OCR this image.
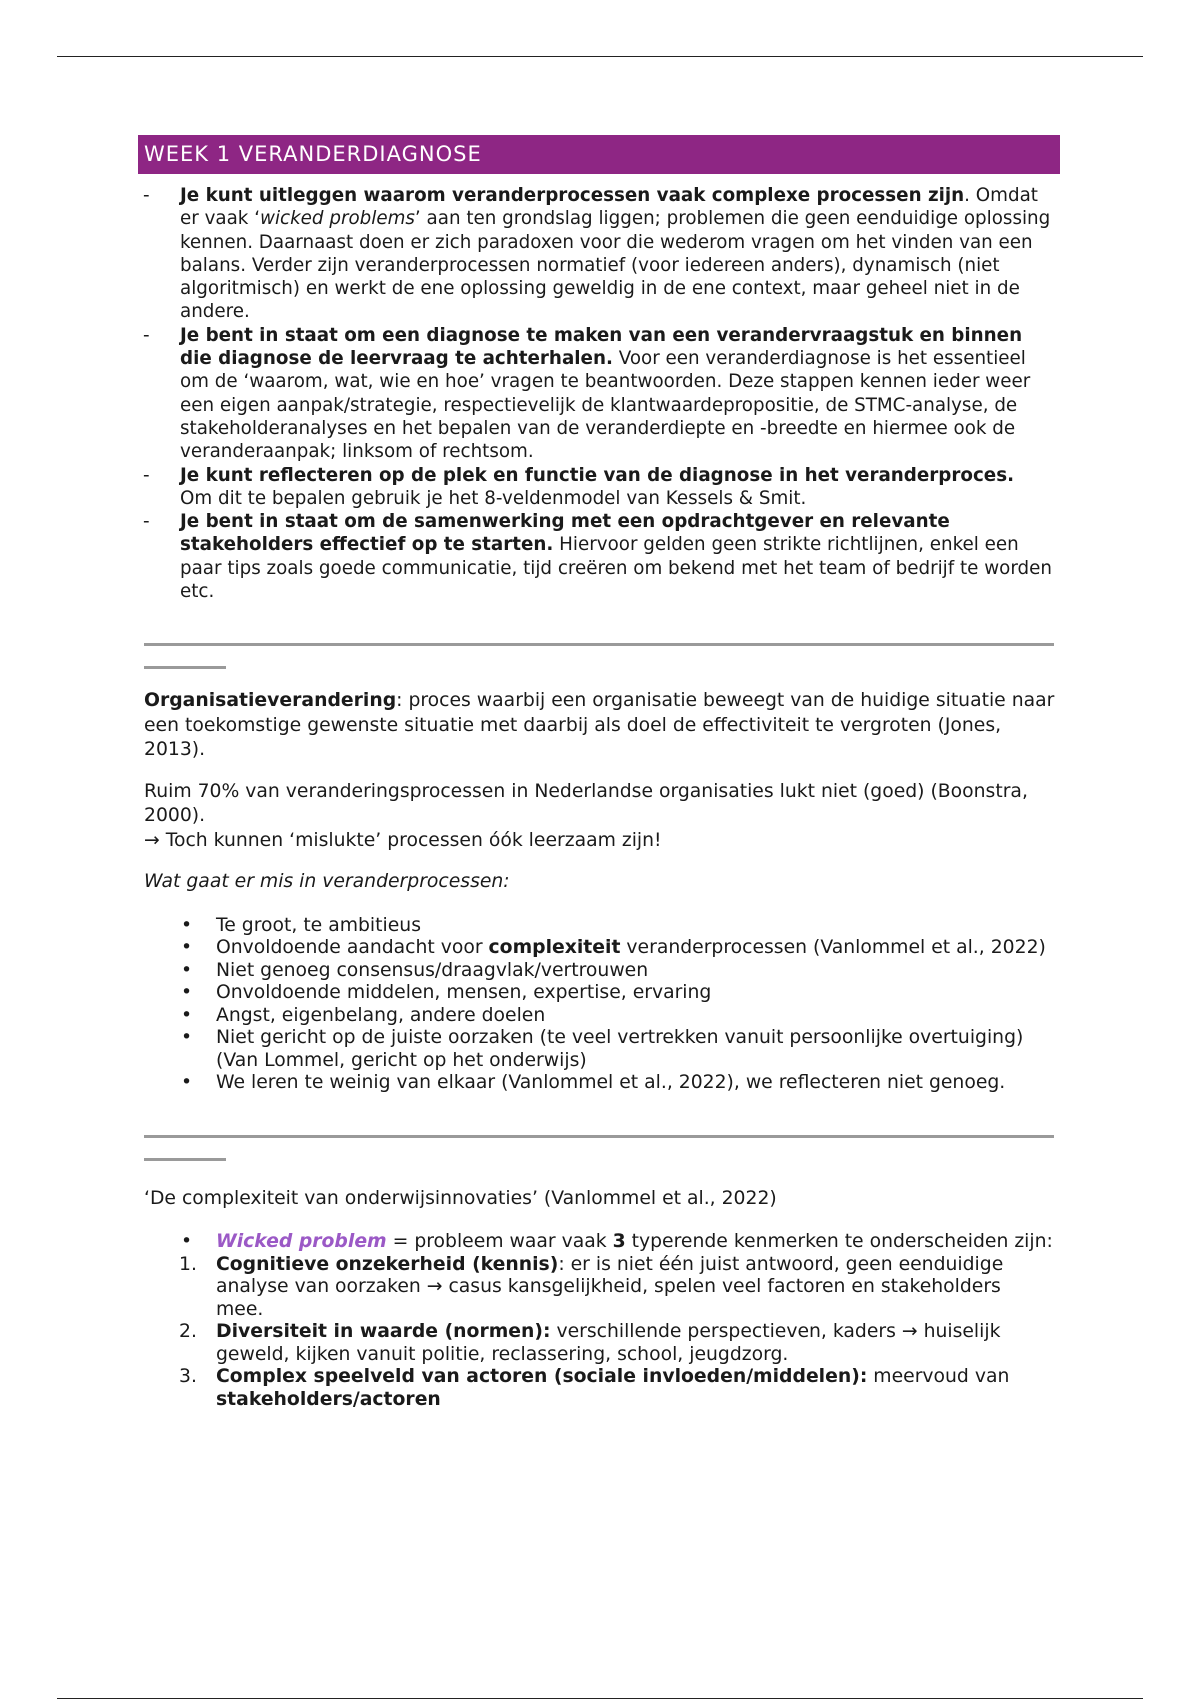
WEEK 1 VERANDERDIAGNOSE
- Je kunt uitleggen waarom veranderprocessen vaak complexe processen zijn. Omdat er vaak ‘wicked problems’ aan ten grondslag liggen; problemen die geen eenduidige oplossing kennen. Daarnaast doen er zich paradoxen voor die wederom vragen om het vinden van een balans. Verder zijn veranderprocessen normatief (voor iedereen anders), dynamisch (niet algoritmisch) en werkt de ene oplossing geweldig in de ene context, maar geheel niet in de andere.
- Je bent in staat om een diagnose te maken van een verandervraagstuk en binnen die diagnose de leervraag te achterhalen. Voor een veranderdiagnose is het essentieel om de ‘waarom, wat, wie en hoe’ vragen te beantwoorden. Deze stappen kennen ieder weer een eigen aanpak/strategie, respectievelijk de klantwaardepropositie, de STMC-analyse, de stakeholderanalyses en het bepalen van de veranderdiepte en -breedte en hiermee ook de veranderaanpak; linksom of rechtsom.
- Je kunt reflecteren op de plek en functie van de diagnose in het veranderproces.
Om dit te bepalen gebruik je het 8-veldenmodel van Kessels & Smit.
- Je bent in staat om de samenwerking met een opdrachtgever en relevante stakeholders effectief op te starten. Hiervoor gelden geen strikte richtlijnen, enkel een paar tips zoals goede communicatie, tijd creëren om bekend met het team of bedrijf te worden etc.

Organisatieverandering: proces waarbij een organisatie beweegt van de huidige situatie naar een toekomstige gewenste situatie met daarbij als doel de effectiviteit te vergroten (Jones, 2013).

Ruim 70% van veranderingsprocessen in Nederlandse organisaties lukt niet (goed) (Boonstra, 2000).
→ Toch kunnen ‘mislukte’ processen óók leerzaam zijn!

Wat gaat er mis in veranderprocessen:

• Te groot, te ambitieus
• Onvoldoende aandacht voor complexiteit veranderprocessen (Vanlommel et al., 2022)
• Niet genoeg consensus/draagvlak/vertrouwen
• Onvoldoende middelen, mensen, expertise, ervaring
• Angst, eigenbelang, andere doelen
• Niet gericht op de juiste oorzaken (te veel vertrekken vanuit persoonlijke overtuiging) (Van Lommel, gericht op het onderwijs)
• We leren te weinig van elkaar (Vanlommel et al., 2022), we reflecteren niet genoeg.

‘De complexiteit van onderwijsinnovaties’ (Vanlommel et al., 2022)

• Wicked problem = probleem waar vaak 3 typerende kenmerken te onderscheiden zijn:
1. Cognitieve onzekerheid (kennis): er is niet één juist antwoord, geen eenduidige analyse van oorzaken → casus kansgelijkheid, spelen veel factoren en stakeholders mee.
2. Diversiteit in waarde (normen): verschillende perspectieven, kaders → huiselijk geweld, kijken vanuit politie, reclassering, school, jeugdzorg.
3. Complex speelveld van actoren (sociale invloeden/middelen): meervoud van stakeholders/actoren
